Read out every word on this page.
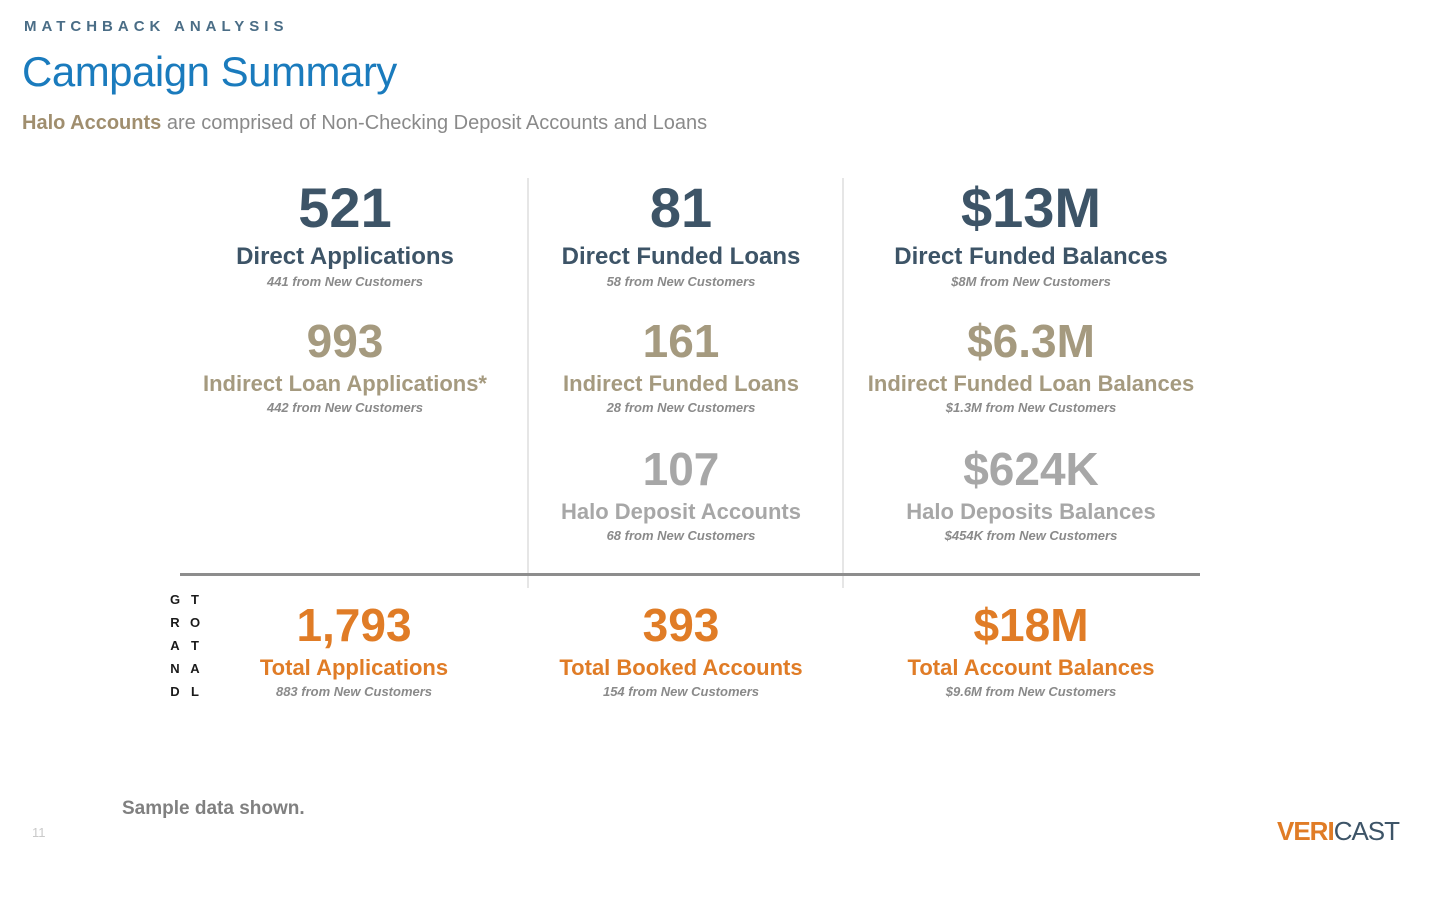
MATCHBACK ANALYSIS
Campaign Summary
Halo Accounts are comprised of Non-Checking Deposit Accounts and Loans
521
Direct Applications
441 from New Customers
81
Direct Funded Loans
58 from New Customers
$13M
Direct Funded Balances
$8M from New Customers
993
Indirect Loan Applications*
442 from New Customers
161
Indirect Funded Loans
28 from New Customers
$6.3M
Indirect Funded Loan Balances
$1.3M from New Customers
107
Halo Deposit Accounts
68 from New Customers
$624K
Halo Deposits Balances
$454K from New Customers
G
R
A
N
D
T
O
T
A
L
1,793
Total Applications
883 from New Customers
393
Total Booked Accounts
154 from New Customers
$18M
Total Account Balances
$9.6M from New Customers
Sample data shown.
11	VERICAST
